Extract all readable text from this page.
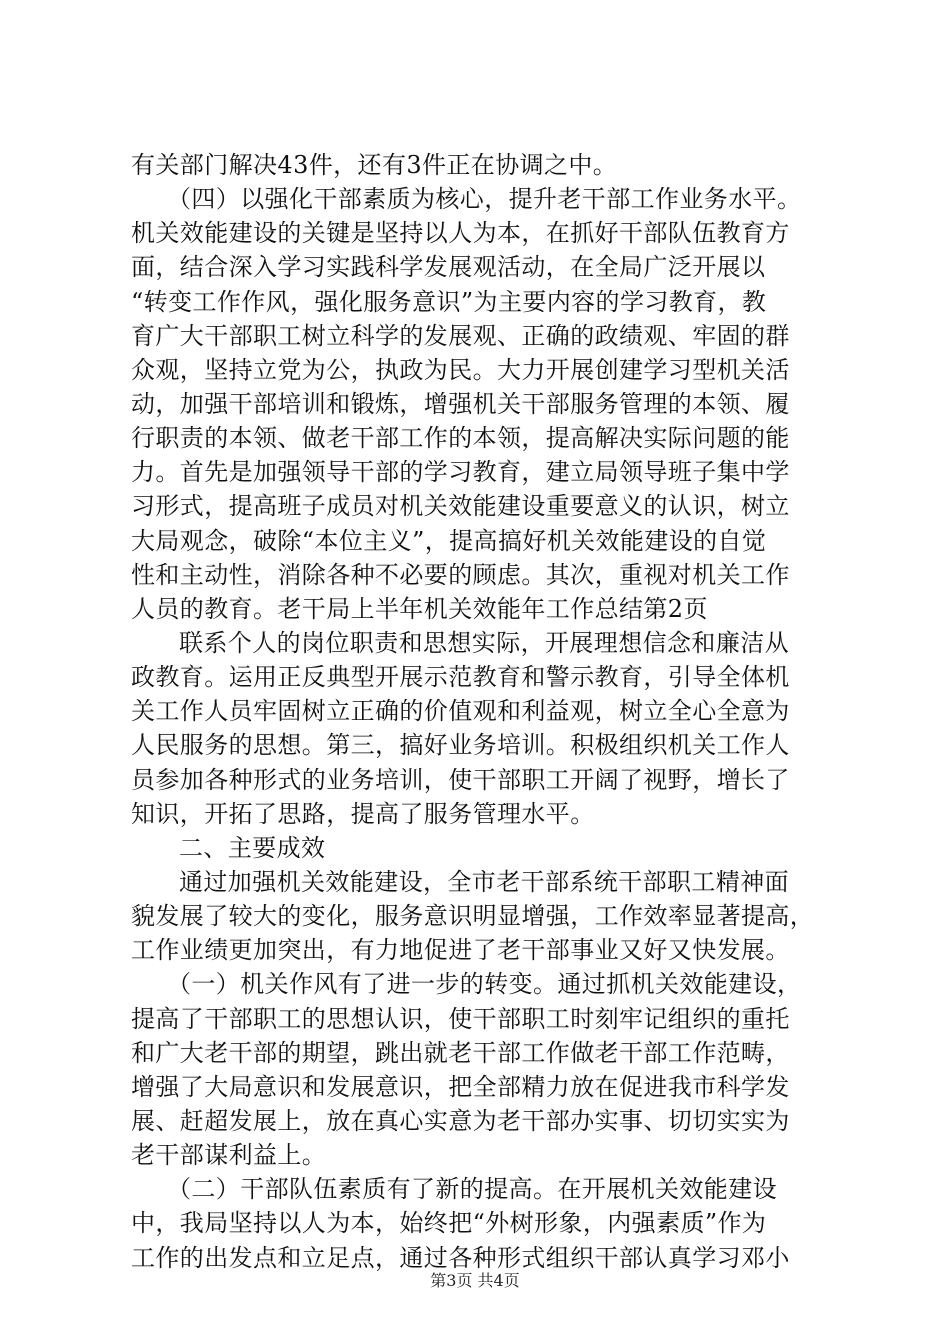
有关部门解决43件，还有3件正在协调之中。
（四）以强化干部素质为核心，提升老干部工作业务水平。
机关效能建设的关键是坚持以人为本，在抓好干部队伍教育方
面，结合深入学习实践科学发展观活动，在全局广泛开展以
“转变工作作风，强化服务意识”为主要内容的学习教育，教
育广大干部职工树立科学的发展观、正确的政绩观、牢固的群
众观，坚持立党为公，执政为民。大力开展创建学习型机关活
动，加强干部培训和锻炼，增强机关干部服务管理的本领、履
行职责的本领、做老干部工作的本领，提高解决实际问题的能
力。首先是加强领导干部的学习教育，建立局领导班子集中学
习形式，提高班子成员对机关效能建设重要意义的认识，树立
大局观念，破除“本位主义”，提高搞好机关效能建设的自觉
性和主动性，消除各种不必要的顾虑。其次，重视对机关工作
人员的教育。老干局上半年机关效能年工作总结第2页
联系个人的岗位职责和思想实际，开展理想信念和廉洁从
政教育。运用正反典型开展示范教育和警示教育，引导全体机
关工作人员牢固树立正确的价值观和利益观，树立全心全意为
人民服务的思想。第三，搞好业务培训。积极组织机关工作人
员参加各种形式的业务培训，使干部职工开阔了视野，增长了
知识，开拓了思路，提高了服务管理水平。
二、主要成效
通过加强机关效能建设，全市老干部系统干部职工精神面
貌发展了较大的变化，服务意识明显增强，工作效率显著提高，
工作业绩更加突出，有力地促进了老干部事业又好又快发展。
（一）机关作风有了进一步的转变。通过抓机关效能建设，
提高了干部职工的思想认识，使干部职工时刻牢记组织的重托
和广大老干部的期望，跳出就老干部工作做老干部工作范畴，
增强了大局意识和发展意识，把全部精力放在促进我市科学发
展、赶超发展上，放在真心实意为老干部办实事、切切实实为
老干部谋利益上。
（二）干部队伍素质有了新的提高。在开展机关效能建设
中，我局坚持以人为本，始终把“外树形象，内强素质”作为
工作的出发点和立足点，通过各种形式组织干部认真学习邓小
第3页 共4页
